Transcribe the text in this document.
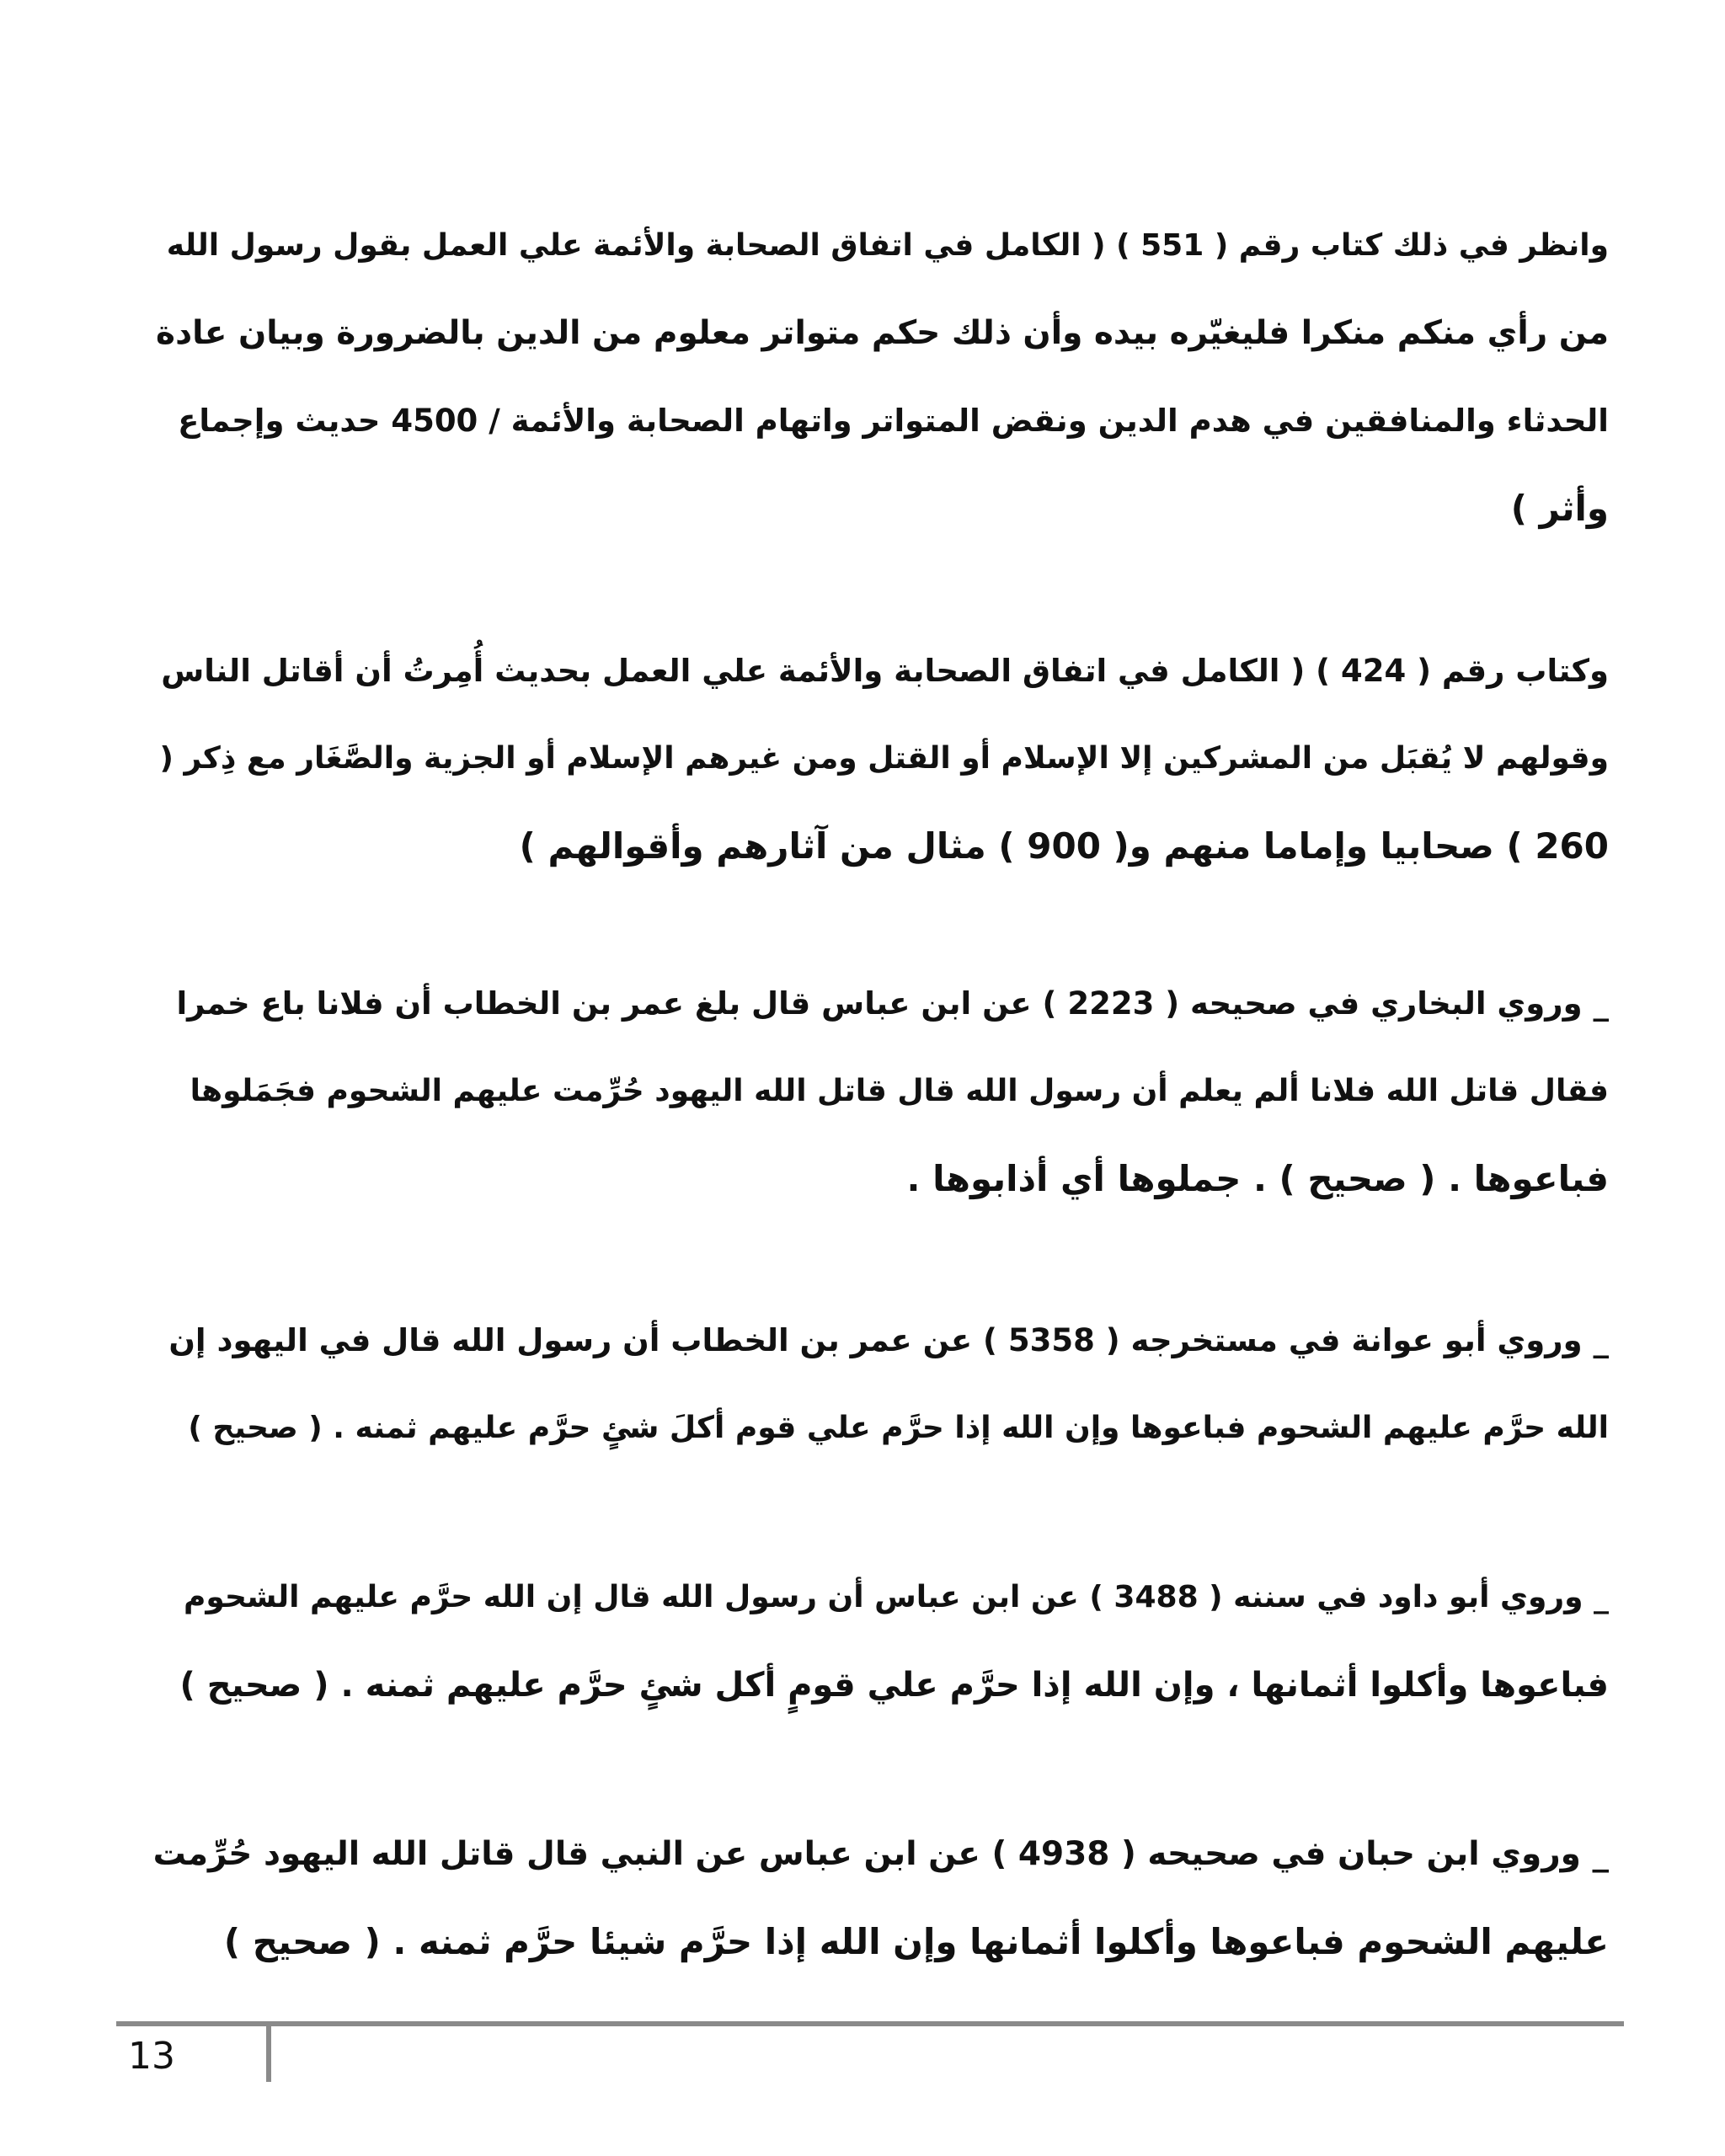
وانظر في ذلك كتاب رقم ( 551 ) ( الكامل في اتفاق الصحابة والأئمة علي العمل بقول رسول الله
من رأي منكم منكرا فليغيّره بيده وأن ذلك حكم متواتر معلوم من الدين بالضرورة وبيان عادة
الحدثاء والمنافقين في هدم الدين ونقض المتواتر واتهام الصحابة والأئمة / 4500 حديث وإجماع
وأثر )
وكتاب رقم ( 424 ) ( الكامل في اتفاق الصحابة والأئمة علي العمل بحديث أُمِرتُ أن أقاتل الناس
وقولهم لا يُقبَل من المشركين إلا الإسلام أو القتل ومن غيرهم الإسلام أو الجزية والصَّغَار مع ذِكر (
260 ) صحابيا وإماما منهم و( 900 ) مثال من آثارهم وأقوالهم )
_ وروي البخاري في صحيحه ( 2223 ) عن ابن عباس قال بلغ عمر بن الخطاب أن فلانا باع خمرا
فقال قاتل الله فلانا ألم يعلم أن رسول الله قال قاتل الله اليهود حُرِّمت عليهم الشحوم فجَمَلوها
فباعوها . ( صحيح ) . جملوها أي أذابوها .
_ وروي أبو عوانة في مستخرجه ( 5358 ) عن عمر بن الخطاب أن رسول الله قال في اليهود إن
الله حرَّم عليهم الشحوم فباعوها وإن الله إذا حرَّم علي قوم أكلَ شئٍ حرَّم عليهم ثمنه . ( صحيح )
_ وروي أبو داود في سننه ( 3488 ) عن ابن عباس أن رسول الله قال إن الله حرَّم عليهم الشحوم
فباعوها وأكلوا أثمانها ، وإن الله إذا حرَّم علي قومٍ أكل شئٍ حرَّم عليهم ثمنه . ( صحيح )
_ وروي ابن حبان في صحيحه ( 4938 ) عن ابن عباس عن النبي قال قاتل الله اليهود حُرِّمت
عليهم الشحوم فباعوها وأكلوا أثمانها وإن الله إذا حرَّم شيئا حرَّم ثمنه . ( صحيح )
13
